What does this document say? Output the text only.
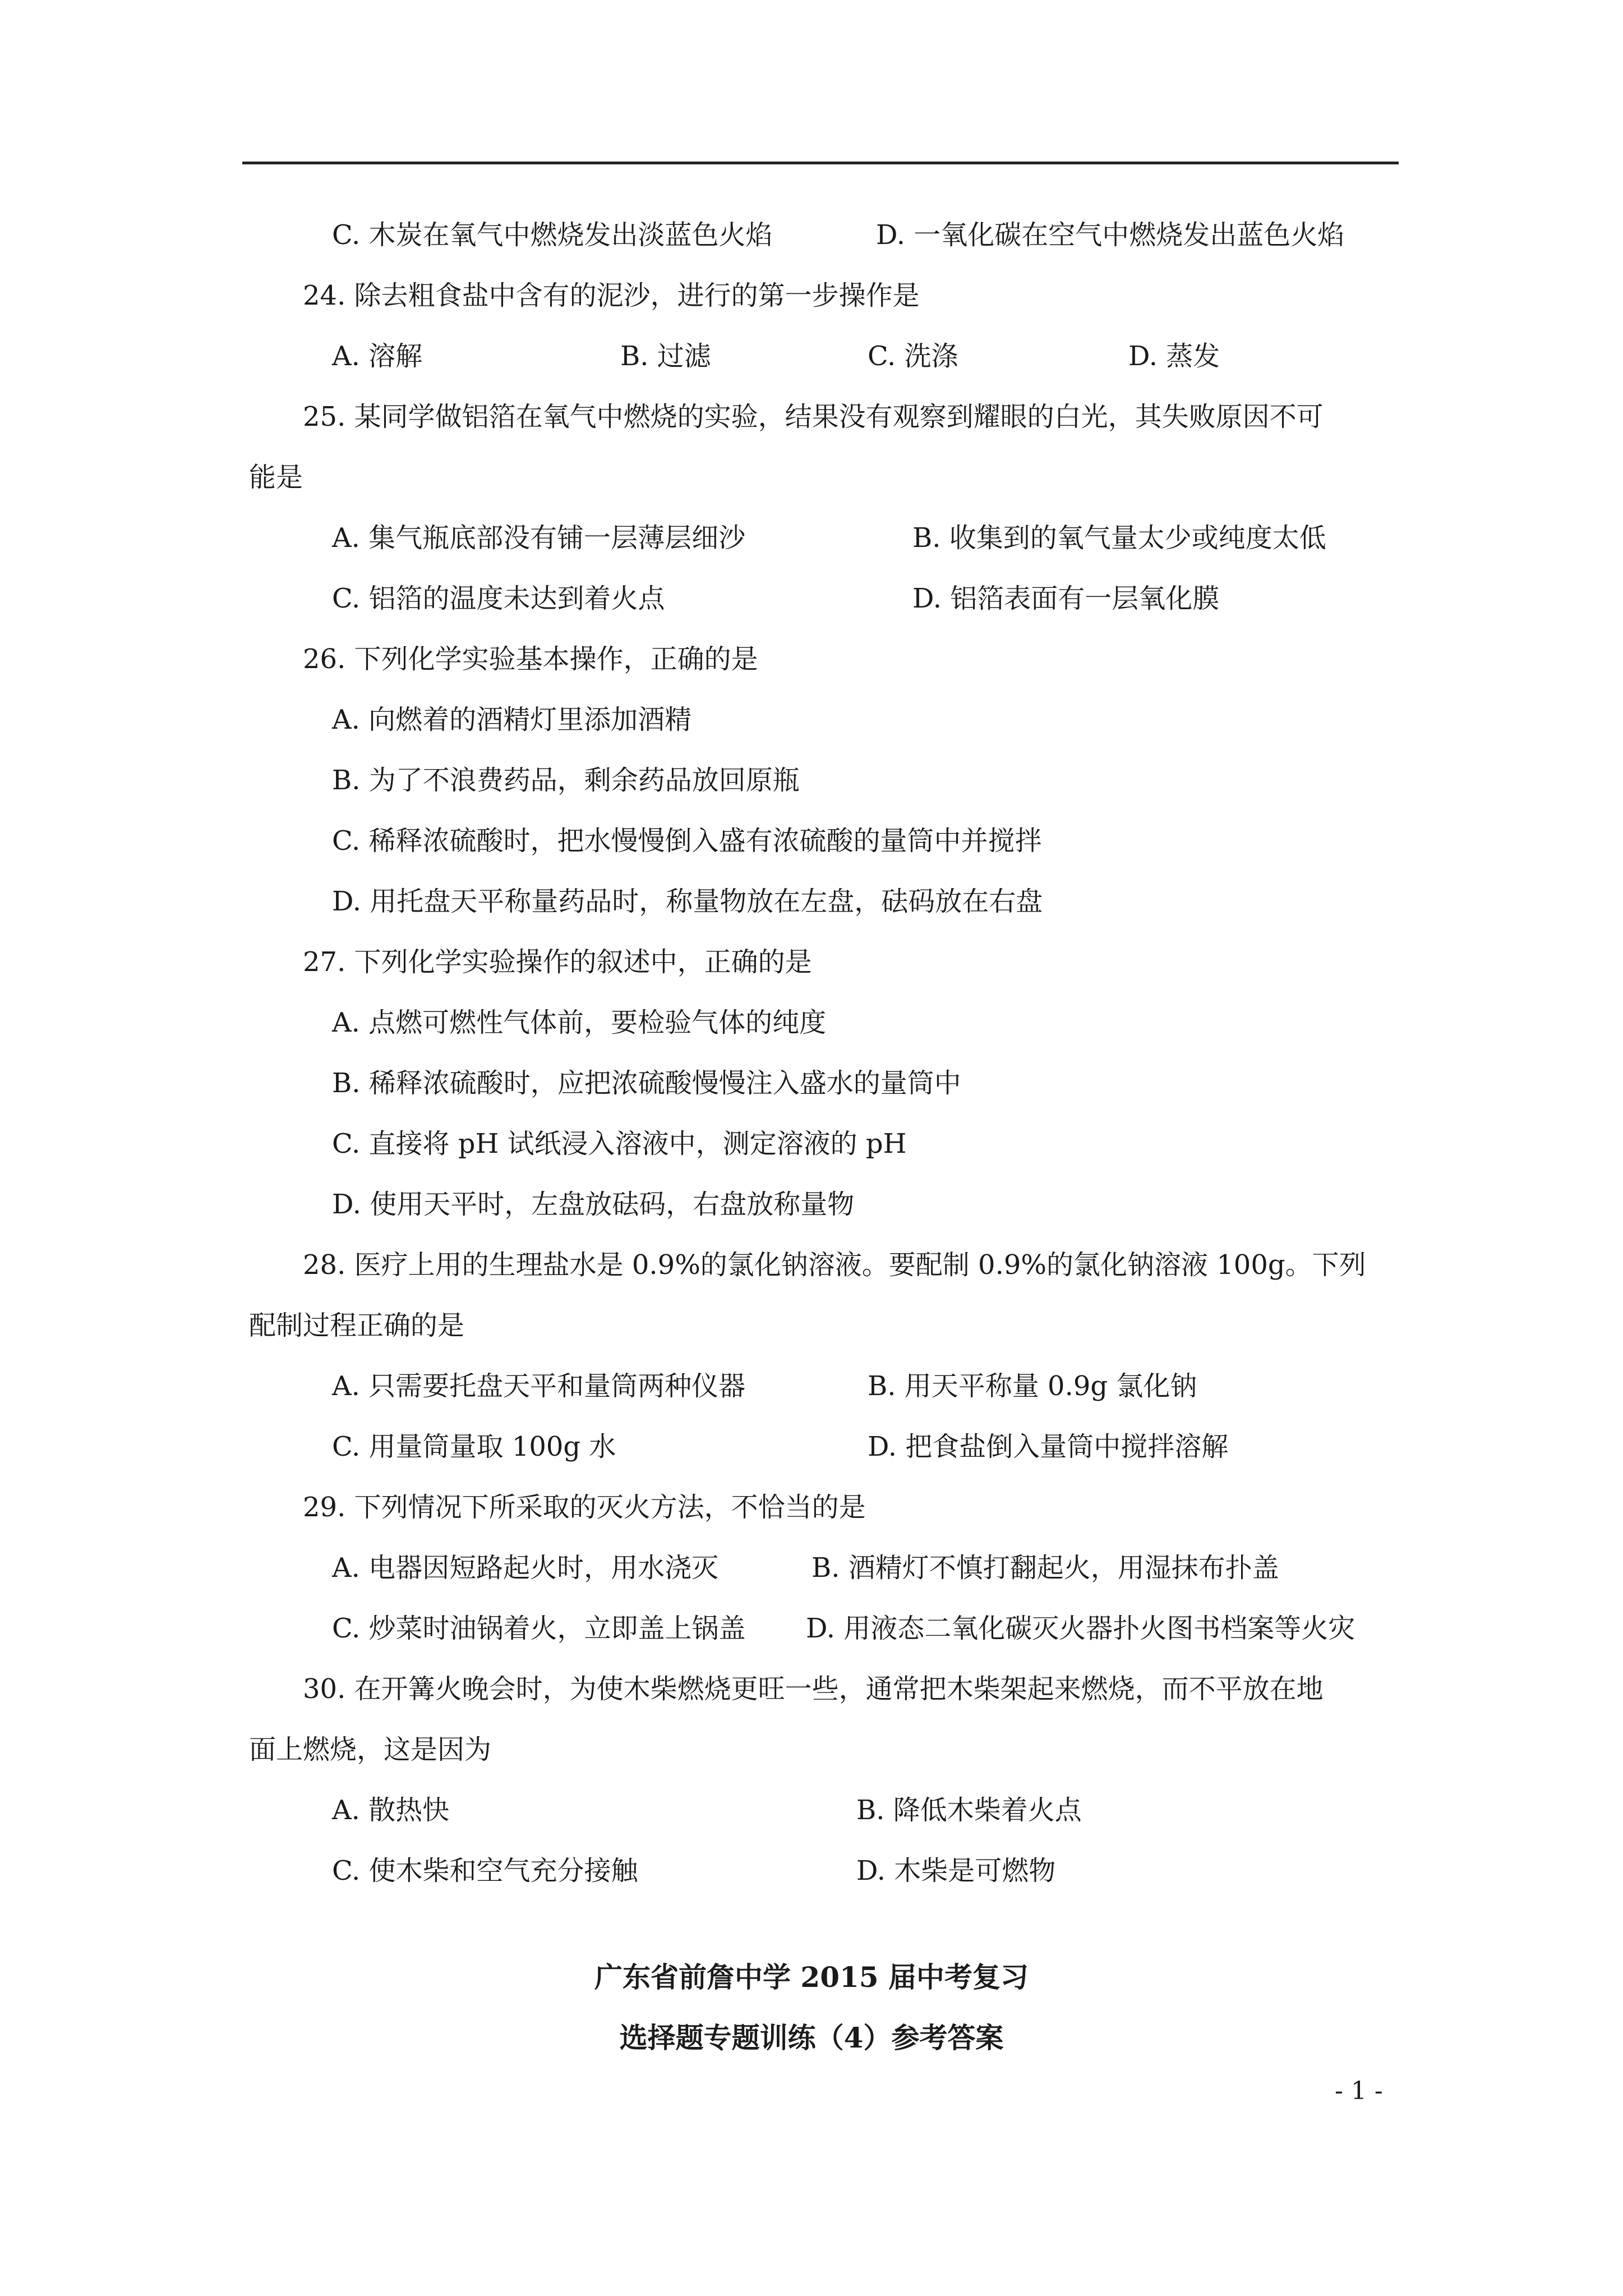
C. 木炭在氧气中燃烧发出淡蓝色火焰	D. 一氧化碳在空气中燃烧发出蓝色火焰
24. 除去粗食盐中含有的泥沙，进行的第一步操作是
A. 溶解	B. 过滤	C. 洗涤	D. 蒸发
25. 某同学做铝箔在氧气中燃烧的实验，结果没有观察到耀眼的白光，其失败原因不可
能是
A. 集气瓶底部没有铺一层薄层细沙	B. 收集到的氧气量太少或纯度太低
C. 铝箔的温度未达到着火点	D. 铝箔表面有一层氧化膜
26. 下列化学实验基本操作，正确的是
A. 向燃着的酒精灯里添加酒精
B. 为了不浪费药品，剩余药品放回原瓶
C. 稀释浓硫酸时，把水慢慢倒入盛有浓硫酸的量筒中并搅拌
D. 用托盘天平称量药品时，称量物放在左盘，砝码放在右盘
27. 下列化学实验操作的叙述中，正确的是
A. 点燃可燃性气体前，要检验气体的纯度
B. 稀释浓硫酸时，应把浓硫酸慢慢注入盛水的量筒中
C. 直接将 pH 试纸浸入溶液中，测定溶液的 pH
D. 使用天平时，左盘放砝码，右盘放称量物
28. 医疗上用的生理盐水是 0.9%的氯化钠溶液。要配制 0.9%的氯化钠溶液 100g。下列
配制过程正确的是
A. 只需要托盘天平和量筒两种仪器	B. 用天平称量 0.9g 氯化钠
C. 用量筒量取 100g 水	D. 把食盐倒入量筒中搅拌溶解
29. 下列情况下所采取的灭火方法，不恰当的是
A. 电器因短路起火时，用水浇灭	B. 酒精灯不慎打翻起火，用湿抹布扑盖
C. 炒菜时油锅着火，立即盖上锅盖 D. 用液态二氧化碳灭火器扑火图书档案等火灾
30. 在开篝火晚会时，为使木柴燃烧更旺一些，通常把木柴架起来燃烧，而不平放在地
面上燃烧，这是因为
A. 散热快	B. 降低木柴着火点
C. 使木柴和空气充分接触	D. 木柴是可燃物
广东省前詹中学 2015 届中考复习
选择题专题训练（4）参考答案
- 1 -
